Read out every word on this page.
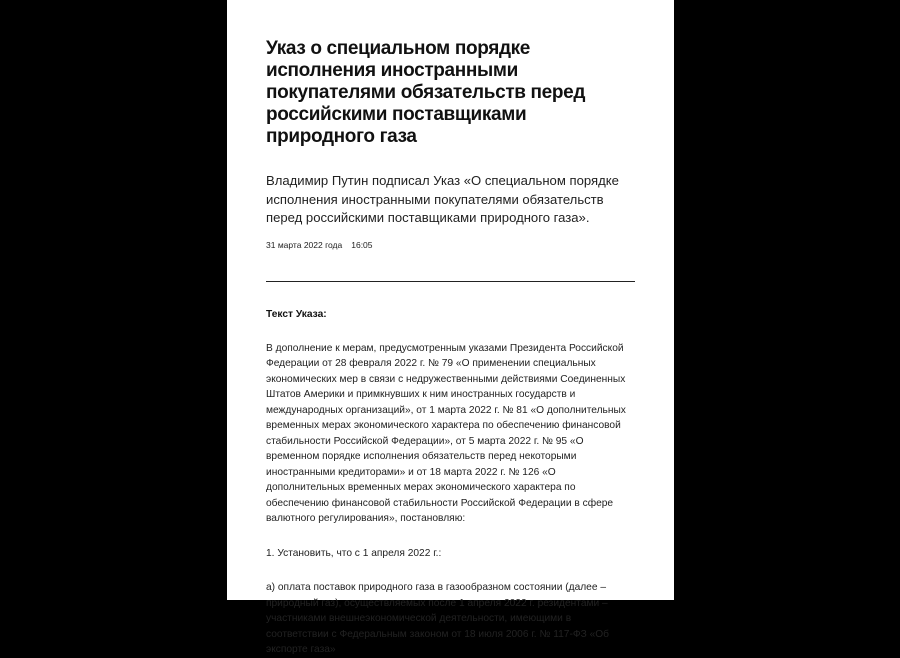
Указ о специальном порядке исполнения иностранными покупателями обязательств перед российскими поставщиками природного газа

Владимир Путин подписал Указ «О специальном порядке исполнения иностранными покупателями обязательств перед российскими поставщиками природного газа».

31 марта 2022 года 16:05

Текст Указа:

В дополнение к мерам, предусмотренным указами Президента Российской Федерации от 28 февраля 2022 г. № 79 «О применении специальных экономических мер в связи с недружественными действиями Соединенных Штатов Америки и примкнувших к ним иностранных государств и международных организаций», от 1 марта 2022 г. № 81 «О дополнительных временных мерах экономического характера по обеспечению финансовой стабильности Российской Федерации», от 5 марта 2022 г. № 95 «О временном порядке исполнения обязательств перед некоторыми иностранными кредиторами» и от 18 марта 2022 г. № 126 «О дополнительных временных мерах экономического характера по обеспечению финансовой стабильности Российской Федерации в сфере валютного регулирования», постановляю:

1. Установить, что с 1 апреля 2022 г.:

а) оплата поставок природного газа в газообразном состоянии (далее – природный газ), осуществляемых после 1 апреля 2022 г. резидентами – участниками внешнеэкономической деятельности, имеющими в соответствии с Федеральным законом от 18 июля 2006 г. № 117-ФЗ «Об экспорте газа»
